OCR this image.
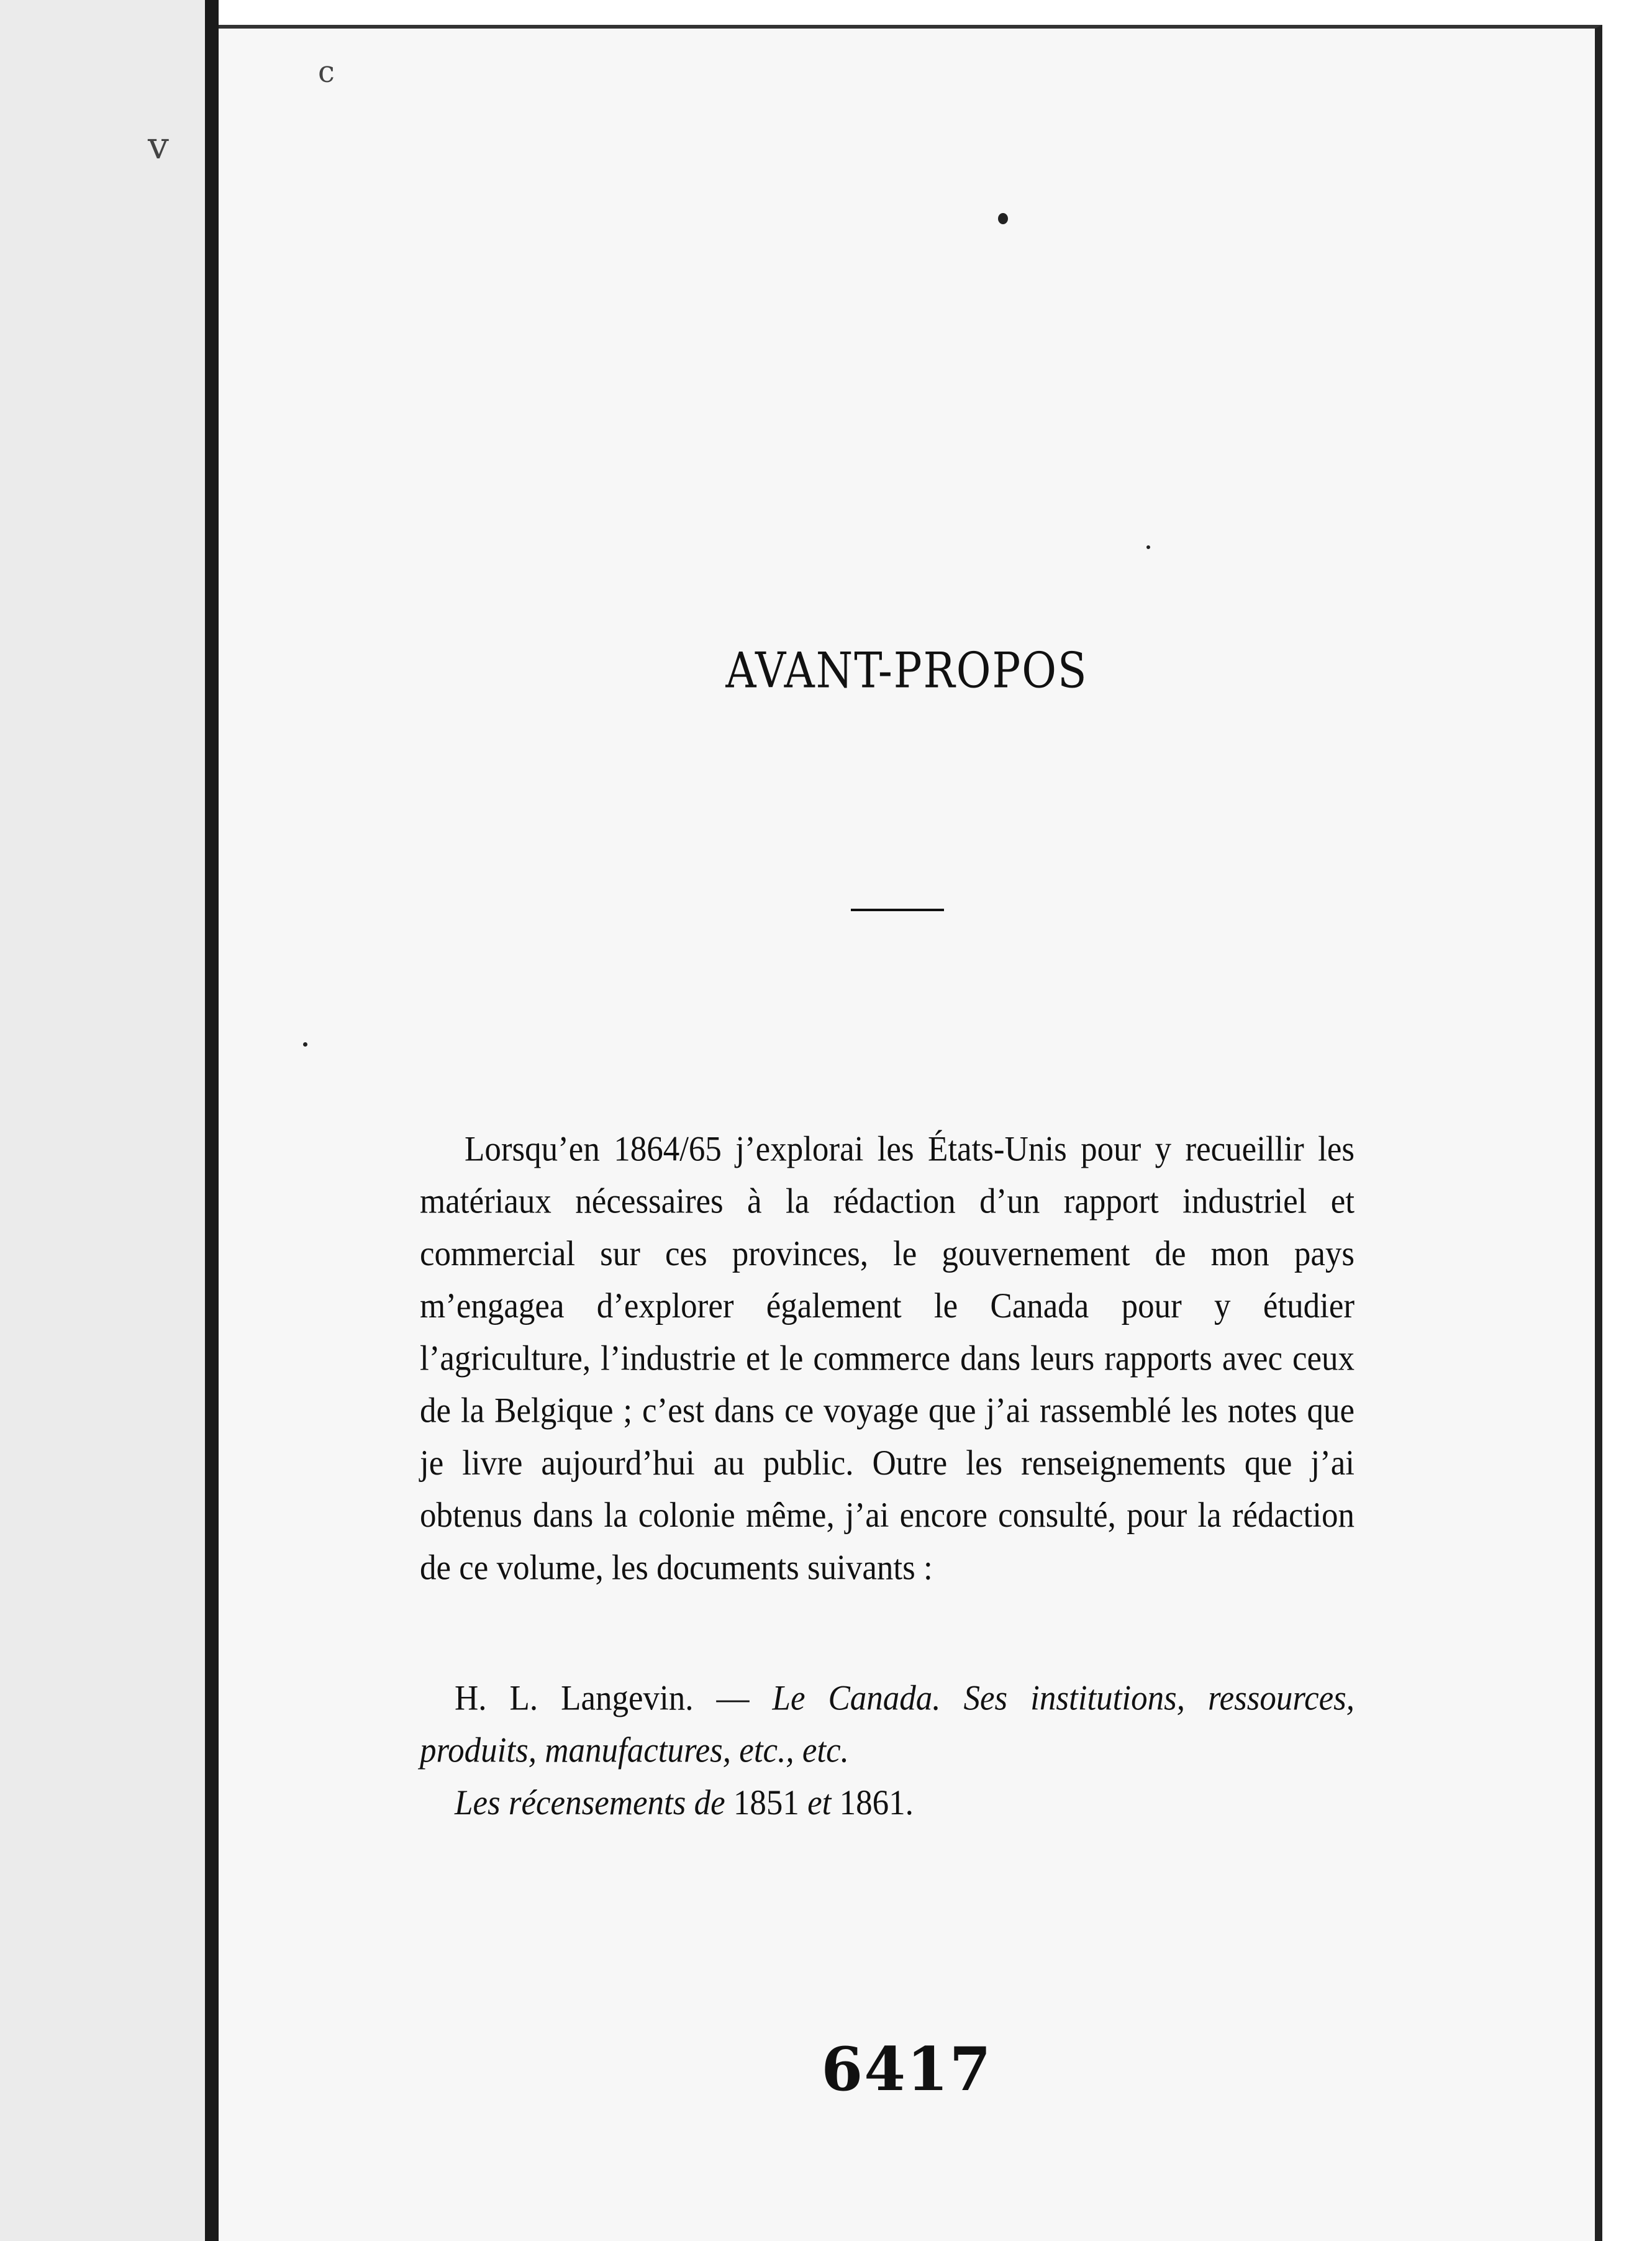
v
c
AVANT-PROPOS

Lorsqu’en 1864/65 j’explorai les États-Unis pour y recueillir les matériaux nécessaires à la rédaction d’un rapport industriel et commercial sur ces provinces, le gouvernement de mon pays m’engagea d’explorer également le Canada pour y étudier l’agriculture, l’industrie et le commerce dans leurs rapports avec ceux de la Belgique ; c’est dans ce voyage que j’ai rassemblé les notes que je livre aujourd’hui au public. Outre les renseignements que j’ai obtenus dans la colonie même, j’ai encore consulté, pour la rédaction de ce volume, les documents suivants :

H. L. Langevin. — Le Canada. Ses institutions, ressources, produits, manufactures, etc., etc.

Les récensements de 1851 et 1861.

6417
